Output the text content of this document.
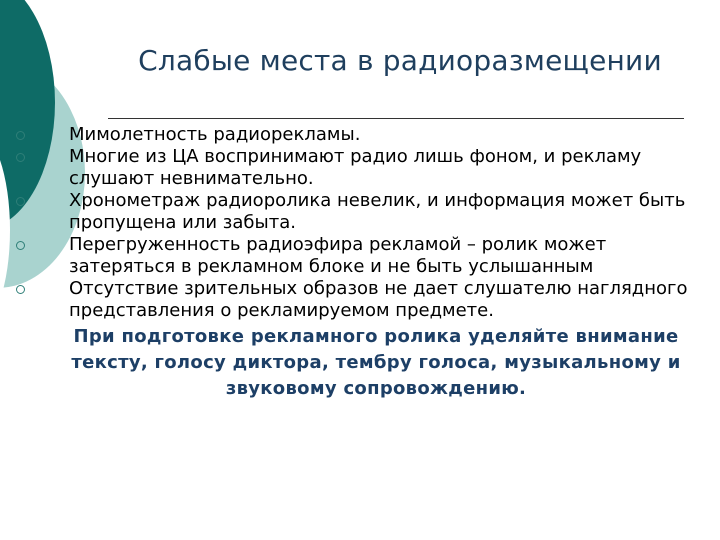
Слабые места в радиоразмещении
Мимолетность радиорекламы.
Многие из ЦА воспринимают радио лишь фоном, и рекламу слушают невнимательно.
Хронометраж радиоролика невелик, и информация может быть пропущена или забыта.
Перегруженность радиоэфира рекламой – ролик может затеряться в рекламном блоке и не быть услышанным
Отсутствие зрительных образов не дает слушателю наглядного представления о рекламируемом предмете.
При подготовке рекламного ролика уделяйте внимание тексту, голосу диктора, тембру голоса, музыкальному и звуковому сопровождению.
